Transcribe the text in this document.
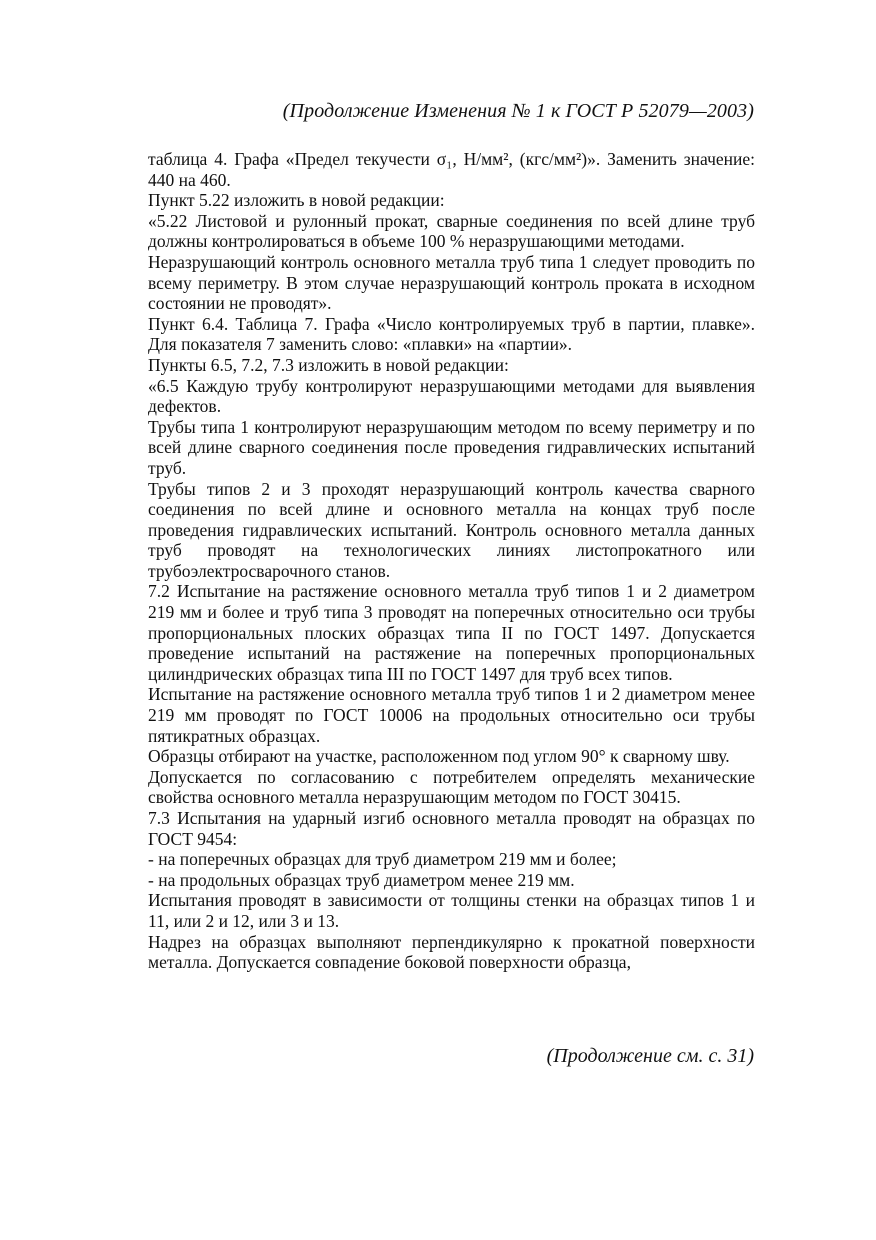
(Продолжение Изменения № 1 к ГОСТ Р 52079—2003)

таблица 4. Графа «Предел текучести σ₁, Н/мм², (кгс/мм²)». Заменить значение: 440 на 460.

Пункт 5.22 изложить в новой редакции:

«5.22 Листовой и рулонный прокат, сварные соединения по всей длине труб должны контролироваться в объеме 100 % неразрушающими методами.

Неразрушающий контроль основного металла труб типа 1 следует проводить по всему периметру. В этом случае неразрушающий контроль проката в исходном состоянии не проводят».

Пункт 6.4. Таблица 7. Графа «Число контролируемых труб в партии, плавке». Для показателя 7 заменить слово: «плавки» на «партии».

Пункты 6.5, 7.2, 7.3 изложить в новой редакции:

«6.5 Каждую трубу контролируют неразрушающими методами для выявления дефектов.

Трубы типа 1 контролируют неразрушающим методом по всему периметру и по всей длине сварного соединения после проведения гидравлических испытаний труб.

Трубы типов 2 и 3 проходят неразрушающий контроль качества сварного соединения по всей длине и основного металла на концах труб после проведения гидравлических испытаний. Контроль основного металла данных труб проводят на технологических линиях листопрокатного или трубоэлектросварочного станов.

7.2 Испытание на растяжение основного металла труб типов 1 и 2 диаметром 219 мм и более и труб типа 3 проводят на поперечных относительно оси трубы пропорциональных плоских образцах типа II по ГОСТ 1497. Допускается проведение испытаний на растяжение на поперечных пропорциональных цилиндрических образцах типа III по ГОСТ 1497 для труб всех типов.

Испытание на растяжение основного металла труб типов 1 и 2 диаметром менее 219 мм проводят по ГОСТ 10006 на продольных относительно оси трубы пятикратных образцах.

Образцы отбирают на участке, расположенном под углом 90° к сварному шву.

Допускается по согласованию с потребителем определять механические свойства основного металла неразрушающим методом по ГОСТ 30415.

7.3 Испытания на ударный изгиб основного металла проводят на образцах по ГОСТ 9454:

- на поперечных образцах для труб диаметром 219 мм и более;

- на продольных образцах труб диаметром менее 219 мм.

Испытания проводят в зависимости от толщины стенки на образцах типов 1 и 11, или 2 и 12, или 3 и 13.

Надрез на образцах выполняют перпендикулярно к прокатной поверхности металла. Допускается совпадение боковой поверхности образца,

(Продолжение см. с. 31)
